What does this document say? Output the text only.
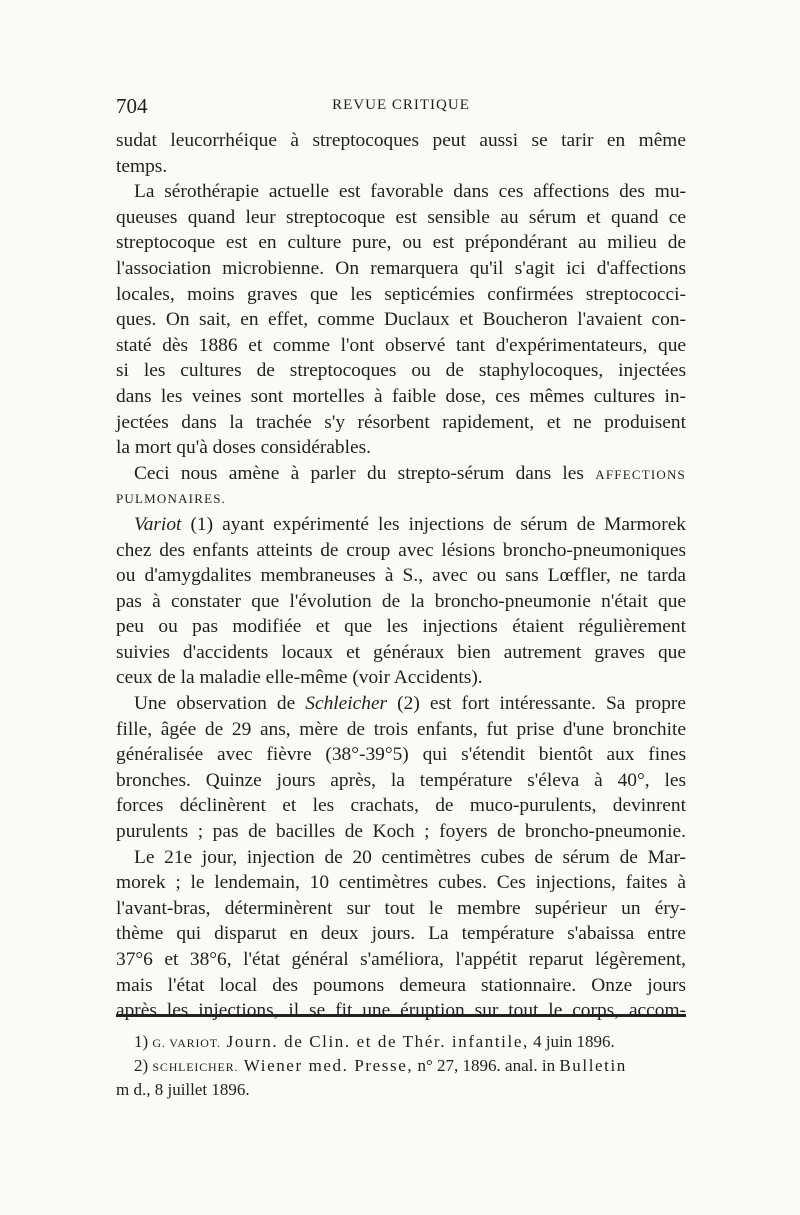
704	REVUE CRITIQUE
sudat leucorrhéique à streptocoques peut aussi se tarir en même
temps.
La sérothérapie actuelle est favorable dans ces affections des mu-
queuses quand leur streptocoque est sensible au sérum et quand ce
streptocoque est en culture pure, ou est prépondérant au milieu de
l'association microbienne. On remarquera qu'il s'agit ici d'affections
locales, moins graves que les septicémies confirmées streptococci-
ques. On sait, en effet, comme Duclaux et Boucheron l'avaient con-
staté dès 1886 et comme l'ont observé tant d'expérimentateurs, que
si les cultures de streptocoques ou de staphylocoques, injectées
dans les veines sont mortelles à faible dose, ces mêmes cultures in-
jectées dans la trachée s'y résorbent rapidement, et ne produisent
la mort qu'à doses considérables.
Ceci nous amène à parler du strepto-sérum dans les AFFECTIONS
PULMONAIRES.
Variot (1) ayant expérimenté les injections de sérum de Marmorek
chez des enfants atteints de croup avec lésions broncho-pneumoniques
ou d'amygdalites membraneuses à S., avec ou sans Lœffler, ne tarda
pas à constater que l'évolution de la broncho-pneumonie n'était que
peu ou pas modifiée et que les injections étaient régulièrement
suivies d'accidents locaux et généraux bien autrement graves que
ceux de la maladie elle-même (voir Accidents).
Une observation de Schleicher (2) est fort intéressante. Sa propre
fille, âgée de 29 ans, mère de trois enfants, fut prise d'une bronchite
généralisée avec fièvre (38°-39°5) qui s'étendit bientôt aux fines
bronches. Quinze jours après, la température s'éleva à 40°, les
forces déclinèrent et les crachats, de muco-purulents, devinrent
purulents ; pas de bacilles de Koch ; foyers de broncho-pneumonie.
Le 21e jour, injection de 20 centimètres cubes de sérum de Mar-
morek ; le lendemain, 10 centimètres cubes. Ces injections, faites à
l'avant-bras, déterminèrent sur tout le membre supérieur un éry-
thème qui disparut en deux jours. La température s'abaissa entre
37°6 et 38°6, l'état général s'améliora, l'appétit reparut légèrement,
mais l'état local des poumons demeura stationnaire. Onze jours
après les injections, il se fit une éruption sur tout le corps, accom-
1) G. VARIOT. Journ. de Clin. et de Thér. infantile, 4 juin 1896.
2) SCHLEICHER. Wiener med. Presse, n° 27, 1896. anal. in Bulletin
m d., 8 juillet 1896.
